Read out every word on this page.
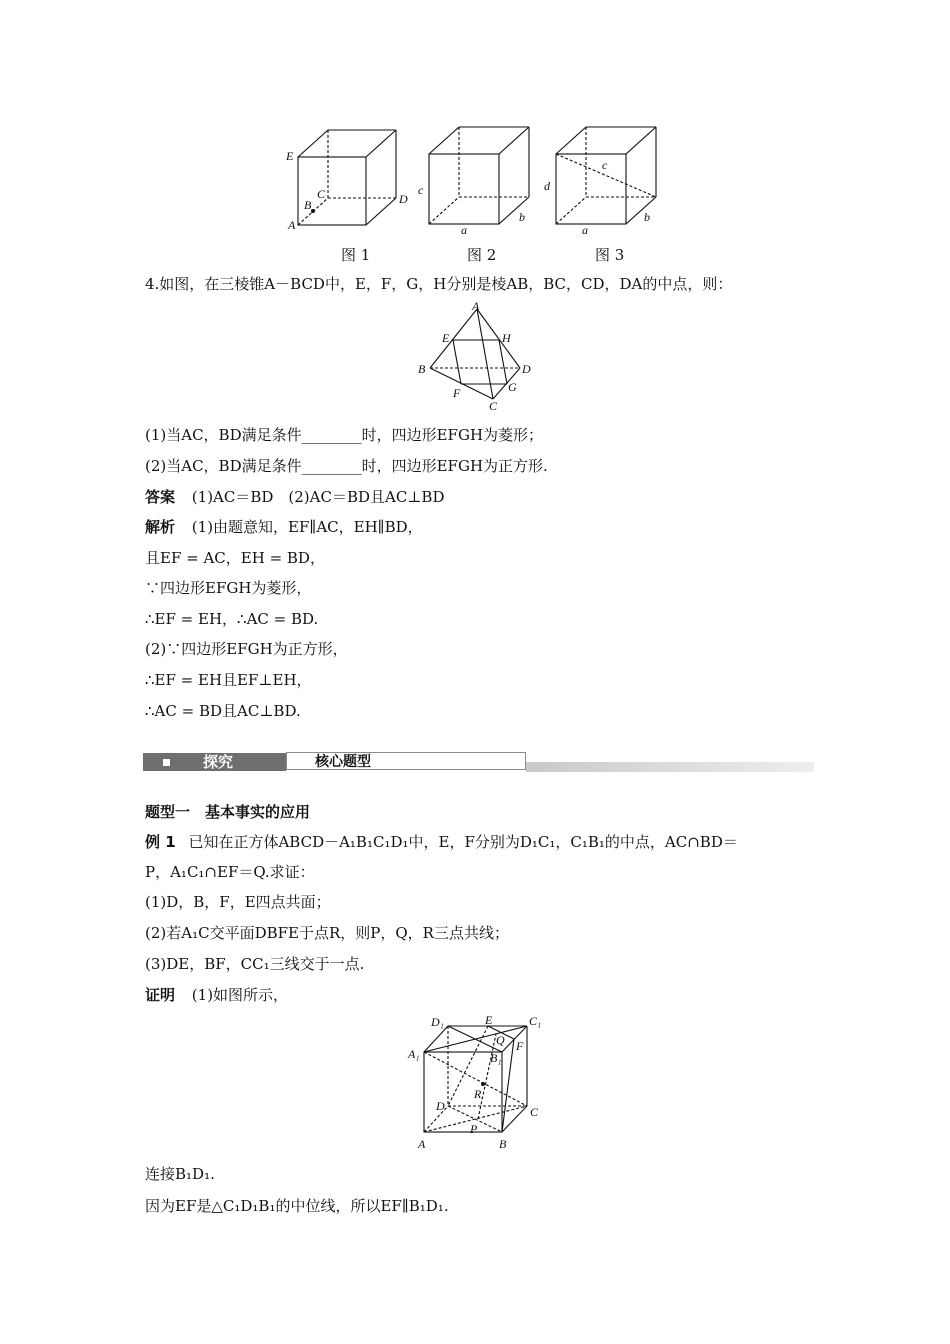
E
C
B	D
A
图 1
c
a
b
图 2
c
d
a
b
图 3
4.如图，在三棱锥A－BCD中，E，F，G，H分别是棱AB，BC，CD，DA的中点，则：
A
E	H
B	D
F	G
C
(1)当AC，BD满足条件________时，四边形EFGH为菱形；
(2)当AC，BD满足条件________时，四边形EFGH为正方形.
答案 (1)AC＝BD　(2)AC＝BD且AC⊥BD
解析 (1)由题意知，EF∥AC，EH∥BD，
且EF = AC，EH = BD，
∵四边形EFGH为菱形，
∴EF = EH，∴AC = BD.
(2)∵四边形EFGH为正方形，
∴EF = EH且EF⊥EH，
∴AC = BD且AC⊥BD.
探究	核心题型
题型一　基本事实的应用
例 1 已知在正方体ABCD－A₁B₁C₁D₁中，E，F分别为D₁C₁，C₁B₁的中点，AC∩BD＝
P，A₁C₁∩EF＝Q.求证：
(1)D，B，F，E四点共面；
(2)若A₁C交平面DBFE于点R，则P，Q，R三点共线；
(3)DE，BF，CC₁三线交于一点.
证明 (1)如图所示，
D₁	E	C₁
A₁
Q
B₁
F
R
D	C
P
A	B
连接B₁D₁.
因为EF是△C₁D₁B₁的中位线，所以EF∥B₁D₁.
